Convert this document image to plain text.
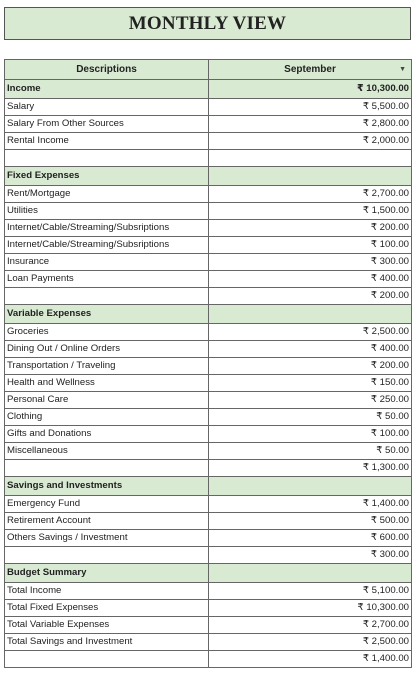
MONTHLY VIEW
Descriptions	September ▼

Income	₹ 10,300.00
Salary	₹ 5,500.00
Salary From Other Sources	₹ 2,800.00
Rental Income	₹ 2,000.00

Fixed Expenses	
Rent/Mortgage	₹ 2,700.00
Utilities	₹ 1,500.00
Internet/Cable/Streaming/Subsriptions	₹ 200.00
Internet/Cable/Streaming/Subsriptions	₹ 100.00
Insurance	₹ 300.00
Loan Payments	₹ 400.00
	₹ 200.00
Variable Expenses	
Groceries	₹ 2,500.00
Dining Out / Online Orders	₹ 400.00
Transportation / Traveling	₹ 200.00
Health and Wellness	₹ 150.00
Personal Care	₹ 250.00
Clothing	₹ 50.00
Gifts and Donations	₹ 100.00
Miscellaneous	₹ 50.00
	₹ 1,300.00
Savings and Investments	
Emergency Fund	₹ 1,400.00
Retirement Account	₹ 500.00
Others Savings / Investment	₹ 600.00
	₹ 300.00
Budget Summary	
Total Income	₹ 5,100.00
Total Fixed Expenses	₹ 10,300.00
Total Variable Expenses	₹ 2,700.00
Total Savings and Investment	₹ 2,500.00
	₹ 1,400.00
